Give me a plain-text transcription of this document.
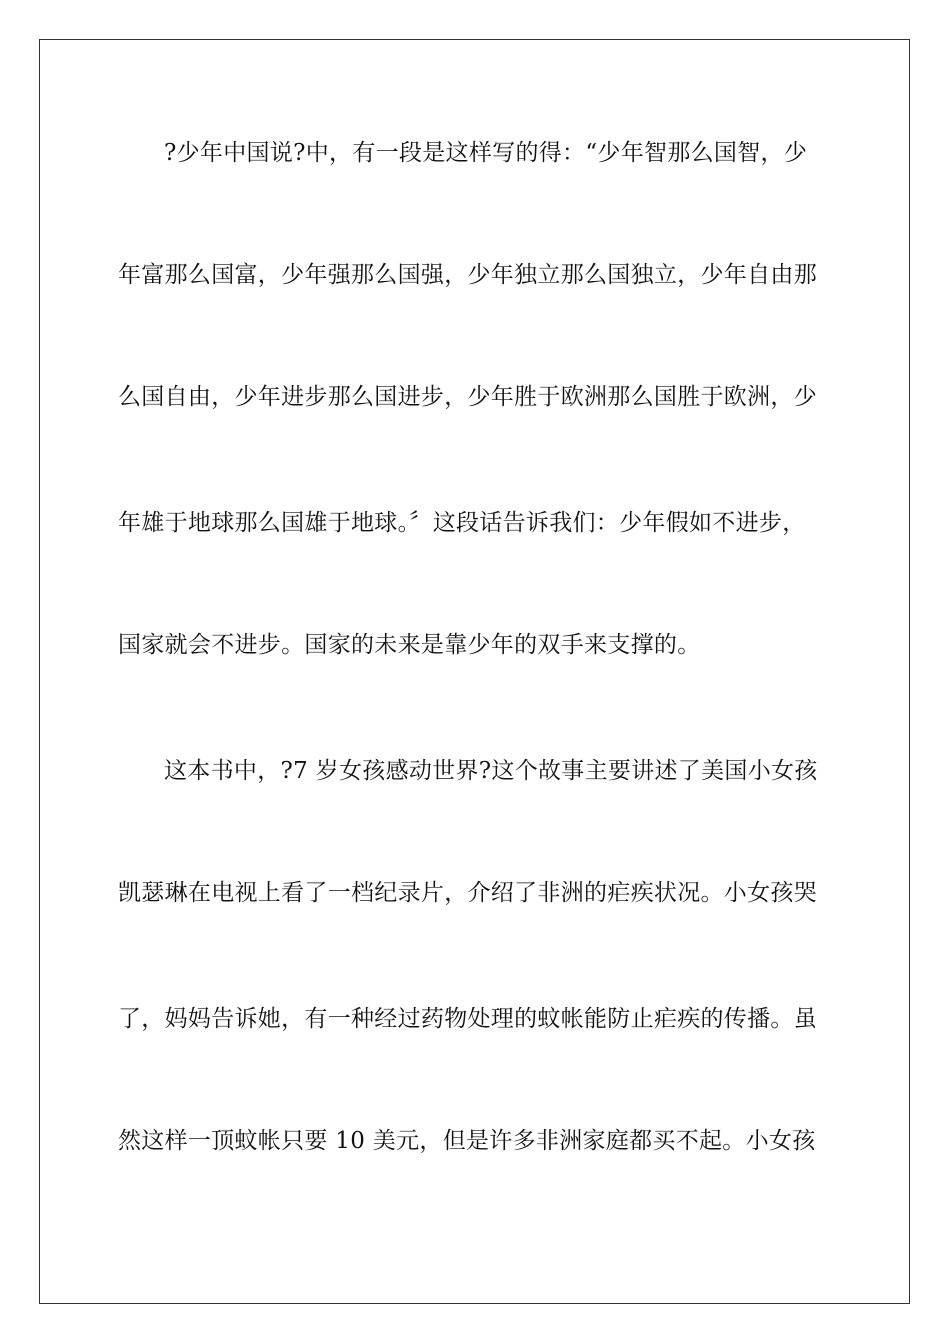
?少年中国说?中，有一段是这样写的得：“少年智那么国智，少
年富那么国富，少年强那么国强，少年独立那么国独立，少年自由那
么国自由，少年进步那么国进步，少年胜于欧洲那么国胜于欧洲，少
年雄于地球那么国雄于地球。〞这段话告诉我们：少年假如不进步，
国家就会不进步。国家的未来是靠少年的双手来支撑的。
这本书中，?7 岁女孩感动世界?这个故事主要讲述了美国小女孩
凯瑟琳在电视上看了一档纪录片，介绍了非洲的疟疾状况。小女孩哭
了，妈妈告诉她，有一种经过药物处理的蚊帐能防止疟疾的传播。虽
然这样一顶蚊帐只要 10 美元，但是许多非洲家庭都买不起。小女孩
